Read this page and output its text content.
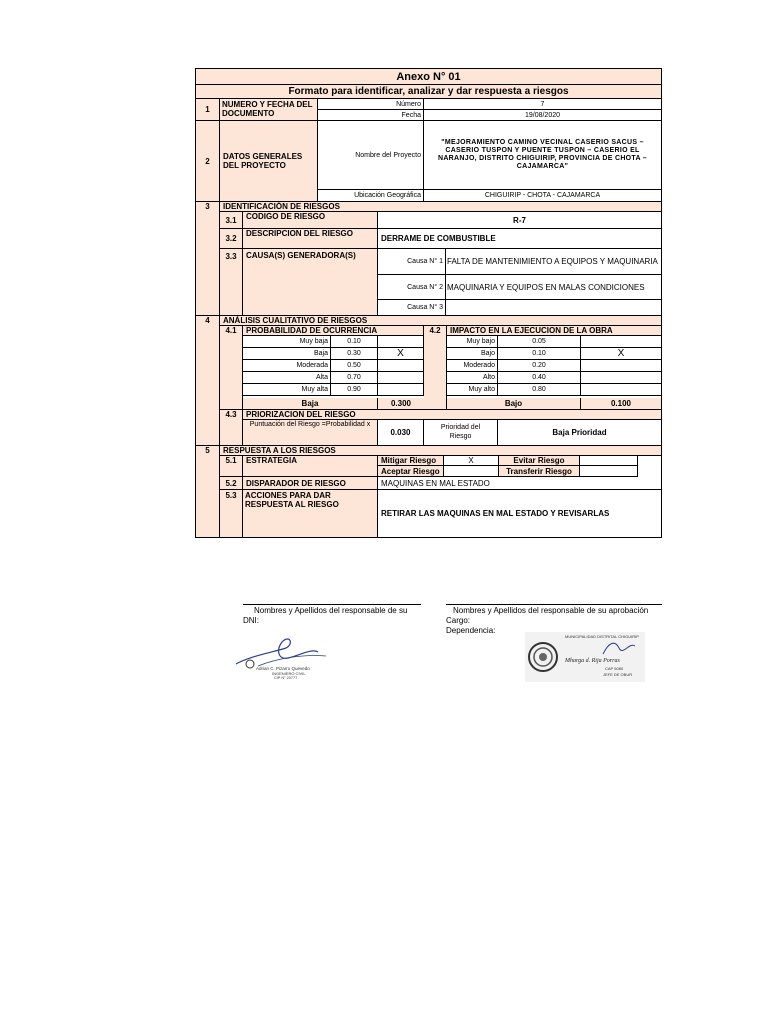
Anexo N° 01
Formato para identificar, analizar y dar respuesta a riesgos
1
NUMERO Y FECHA DEL DOCUMENTO
Número	7
Fecha	19/08/2020
2
DATOS GENERALES DEL PROYECTO
Nombre del Proyecto
"MEJORAMIENTO CAMINO VECINAL CASERIO SACUS – CASERIO TUSPON Y PUENTE TUSPON – CASERIO EL NARANJO, DISTRITO CHIGUIRIP, PROVINCIA DE CHOTA – CAJAMARCA"
Ubicación Geográfica	CHIGUIRIP - CHOTA - CAJAMARCA
3	IDENTIFICACIÓN DE RIESGOS
3.1	CODIGO DE RIESGO	R-7
3.2
DESCRIPCION DEL RIESGO
DERRAME DE COMBUSTIBLE
3.3	CAUSA(S) GENERADORA(S)
Causa N° 1 FALTA DE MANTENIMIENTO A EQUIPOS Y MAQUINARIA
Causa N° 2 MAQUINARIA Y EQUIPOS EN MALAS CONDICIONES
Causa N° 3
4	ANÁLISIS CUALITATIVO DE RIESGOS
4.1	PROBABILIDAD DE OCURRENCIA	4.2	IMPACTO EN LA EJECUCION DE LA OBRA
Muy baja	0.10
Baja	0.30	X
Moderada	0.50
Alta	0.70
Muy alta	0.90
Muy bajo	0.05
Bajo	0.10	X
Moderado	0.20
Alto	0.40
Muy alto	0.80
Baja	0.300	Bajo	0.100
4.3	PRIORIZACION DEL RIESGO
Puntuación del Riesgo =Probabilidad x
0.030
Prioridad del Riesgo	Baja Prioridad
5	RESPUESTA A LOS RIESGOS
5.1	ESTRATEGIA	Mitigar Riesgo	X	Evitar Riesgo
Aceptar Riesgo	Transferir Riesgo
5.2	DISPARADOR DE RIESGO	MAQUINAS EN MAL ESTADO
5.3	ACCIONES PARA DAR RESPUESTA AL RIESGO
RETIRAR LAS MAQUINAS EN MAL ESTADO Y REVISARLAS
Nombres y Apellidos del responsable de su
DNI:
Adrian C. Pizarro Quevedo
INGENIERO CIVIL
CIP N° 20777
Nombres y Apellidos del responsable de su aprobación
Cargo:
Dependencia:
MUNICIPALIDAD DISTRITAL CHIGUIRIP
Mharga d. Rija Porras
CAP 5080
JEFE DE OBUR
